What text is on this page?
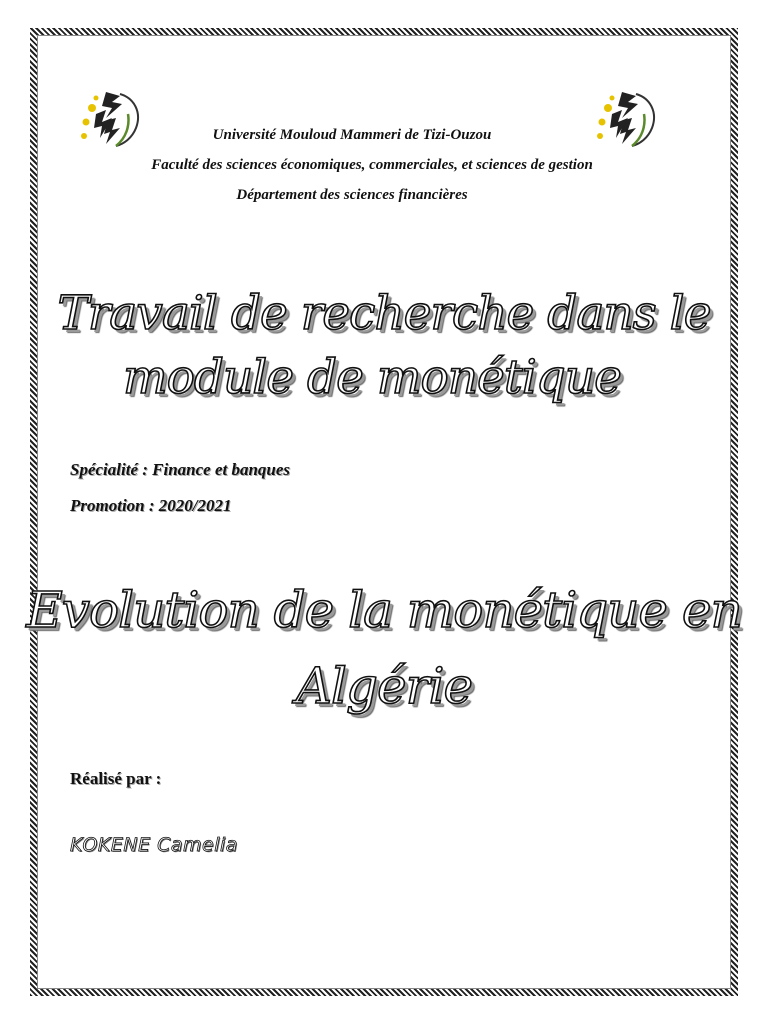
Université Mouloud Mammeri de Tizi-Ouzou
Faculté des sciences économiques, commerciales, et sciences de gestion
Département des sciences financières
Travail de recherche dans le
module de monétique
Spécialité : Finance et banques
Promotion : 2020/2021
Evolution de la monétique en
Algérie
Réalisé par :
KOKENE Camelia
